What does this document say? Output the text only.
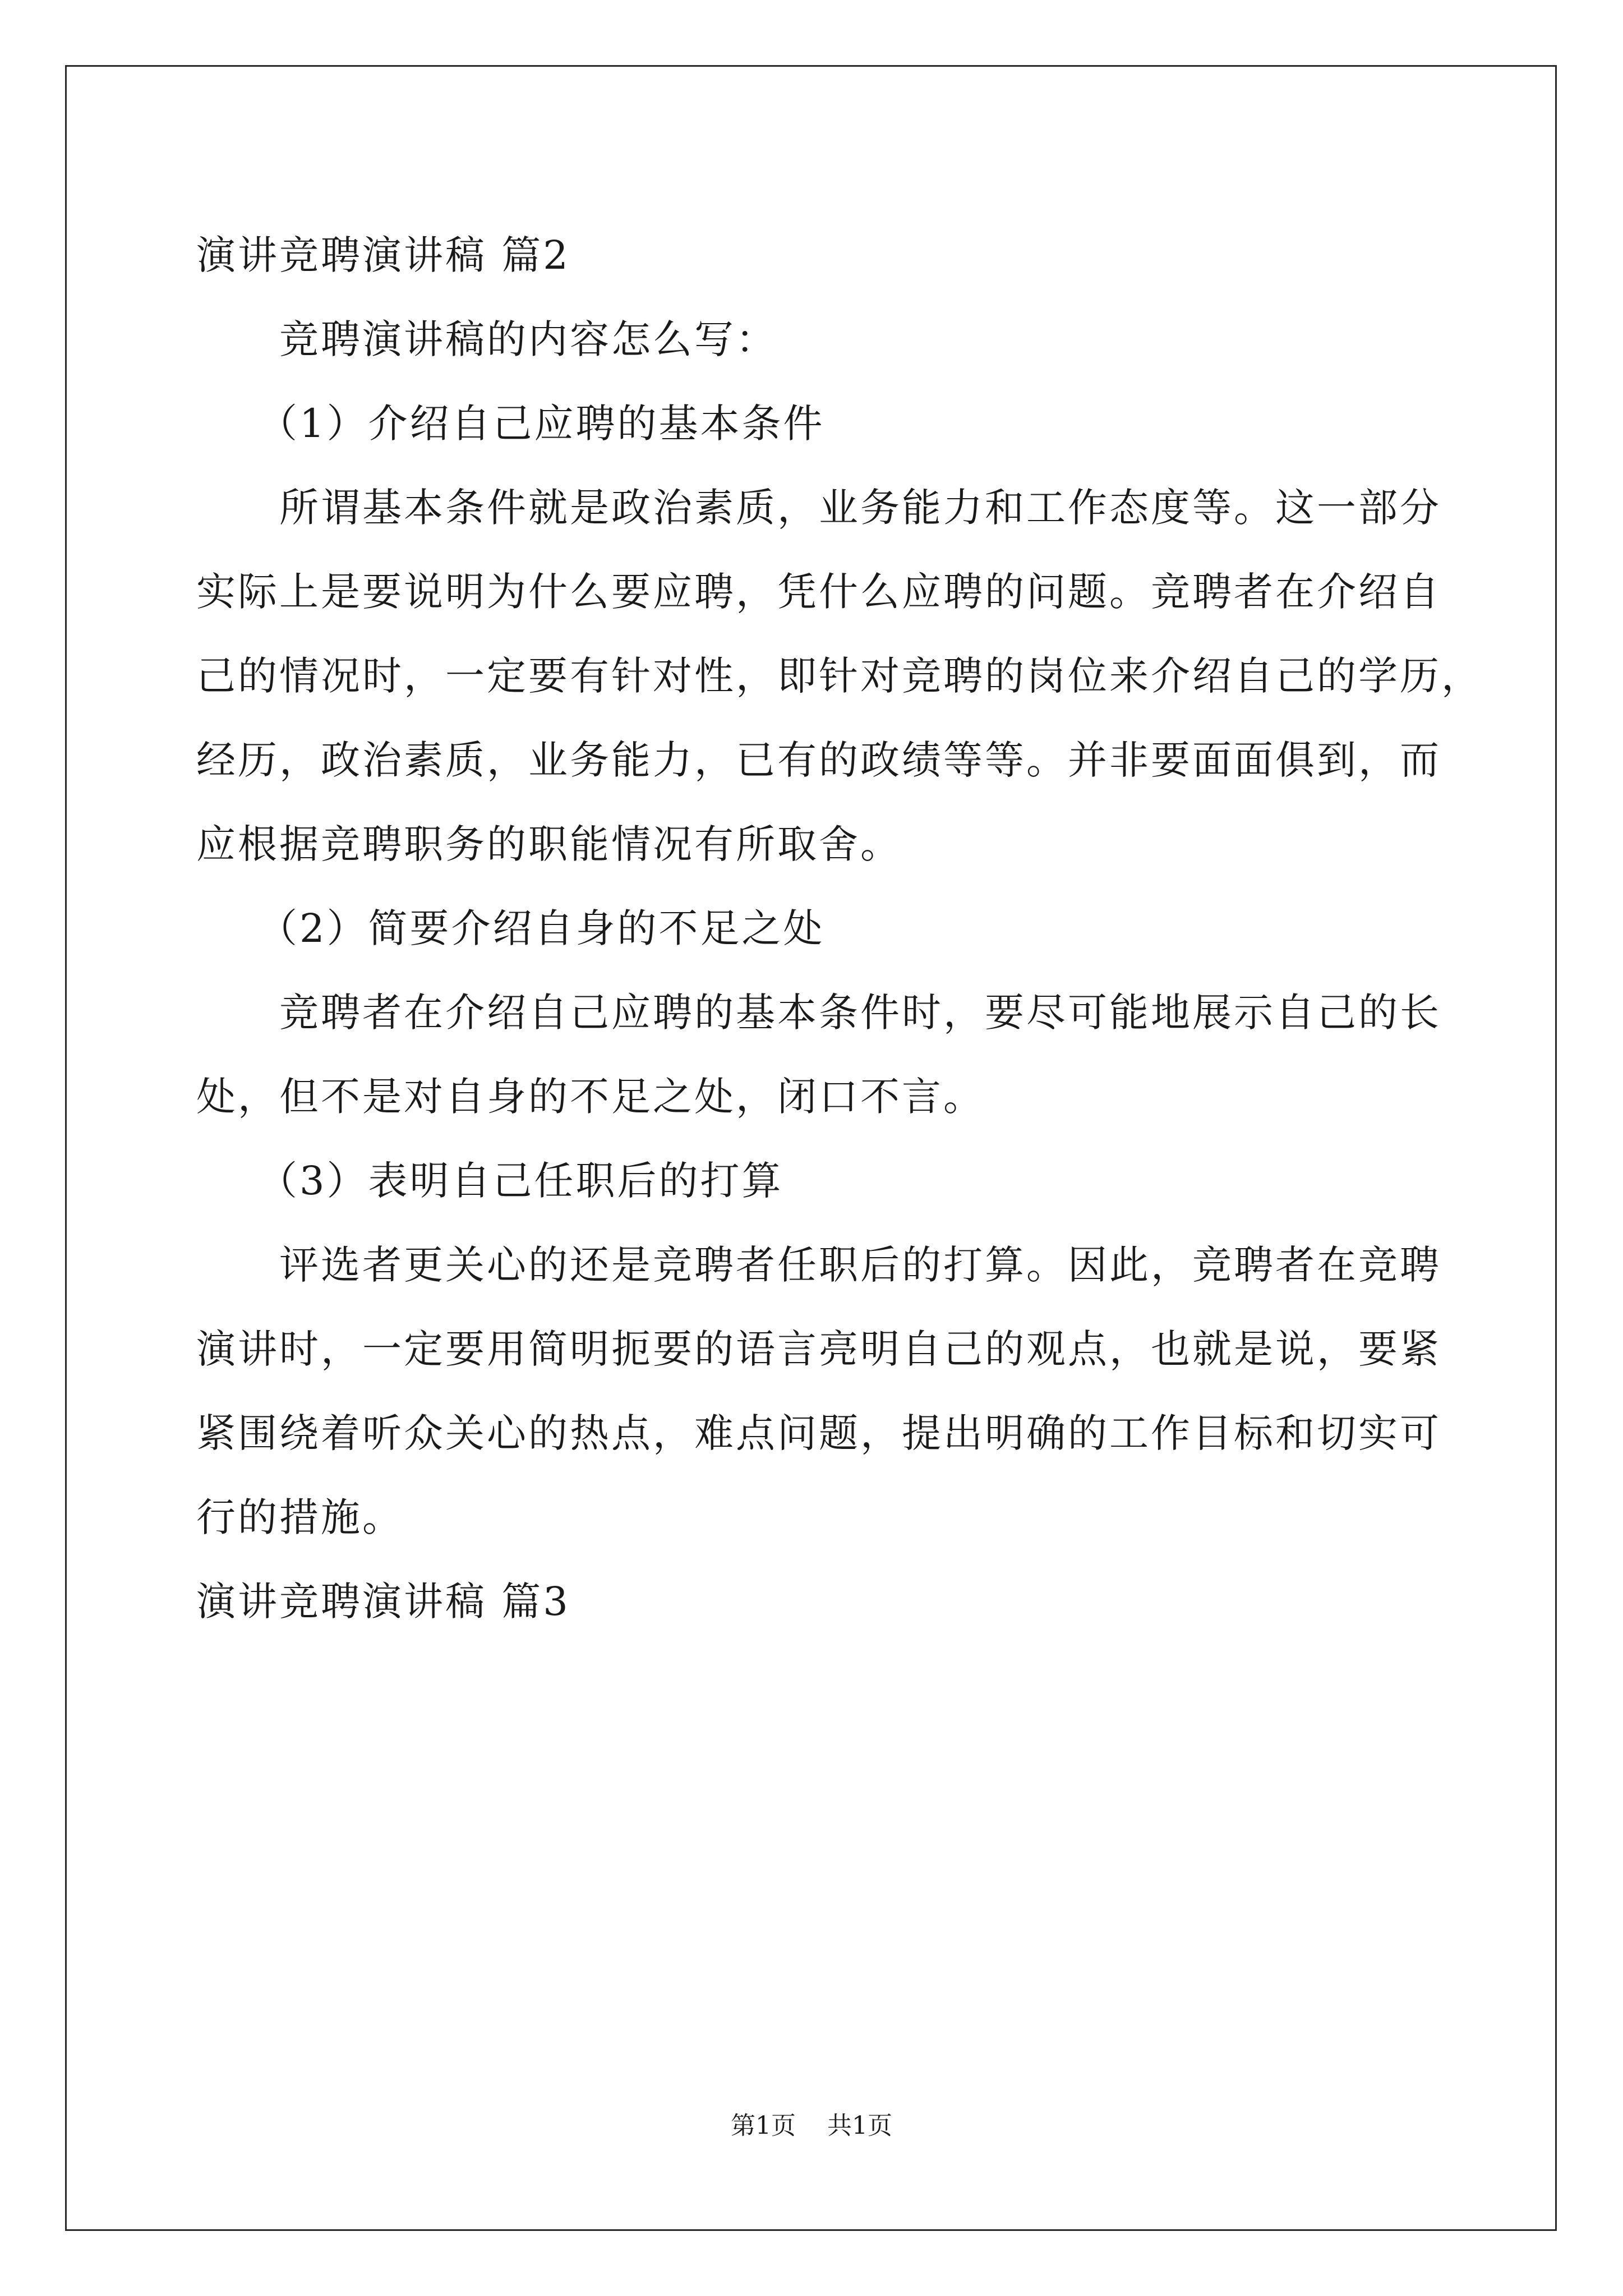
演讲竞聘演讲稿 篇2
竞聘演讲稿的内容怎么写：
（1）介绍自己应聘的基本条件
所谓基本条件就是政治素质，业务能力和工作态度等。这一部分
实际上是要说明为什么要应聘，凭什么应聘的问题。竞聘者在介绍自
己的情况时，一定要有针对性，即针对竞聘的岗位来介绍自己的学历，
经历，政治素质，业务能力，已有的政绩等等。并非要面面俱到，而
应根据竞聘职务的职能情况有所取舍。
（2）简要介绍自身的不足之处
竞聘者在介绍自己应聘的基本条件时，要尽可能地展示自己的长
处，但不是对自身的不足之处，闭口不言。
（3）表明自己任职后的打算
评选者更关心的还是竞聘者任职后的打算。因此，竞聘者在竞聘
演讲时，一定要用简明扼要的语言亮明自己的观点，也就是说，要紧
紧围绕着听众关心的热点，难点问题，提出明确的工作目标和切实可
行的措施。
演讲竞聘演讲稿 篇3
第1页 共1页
